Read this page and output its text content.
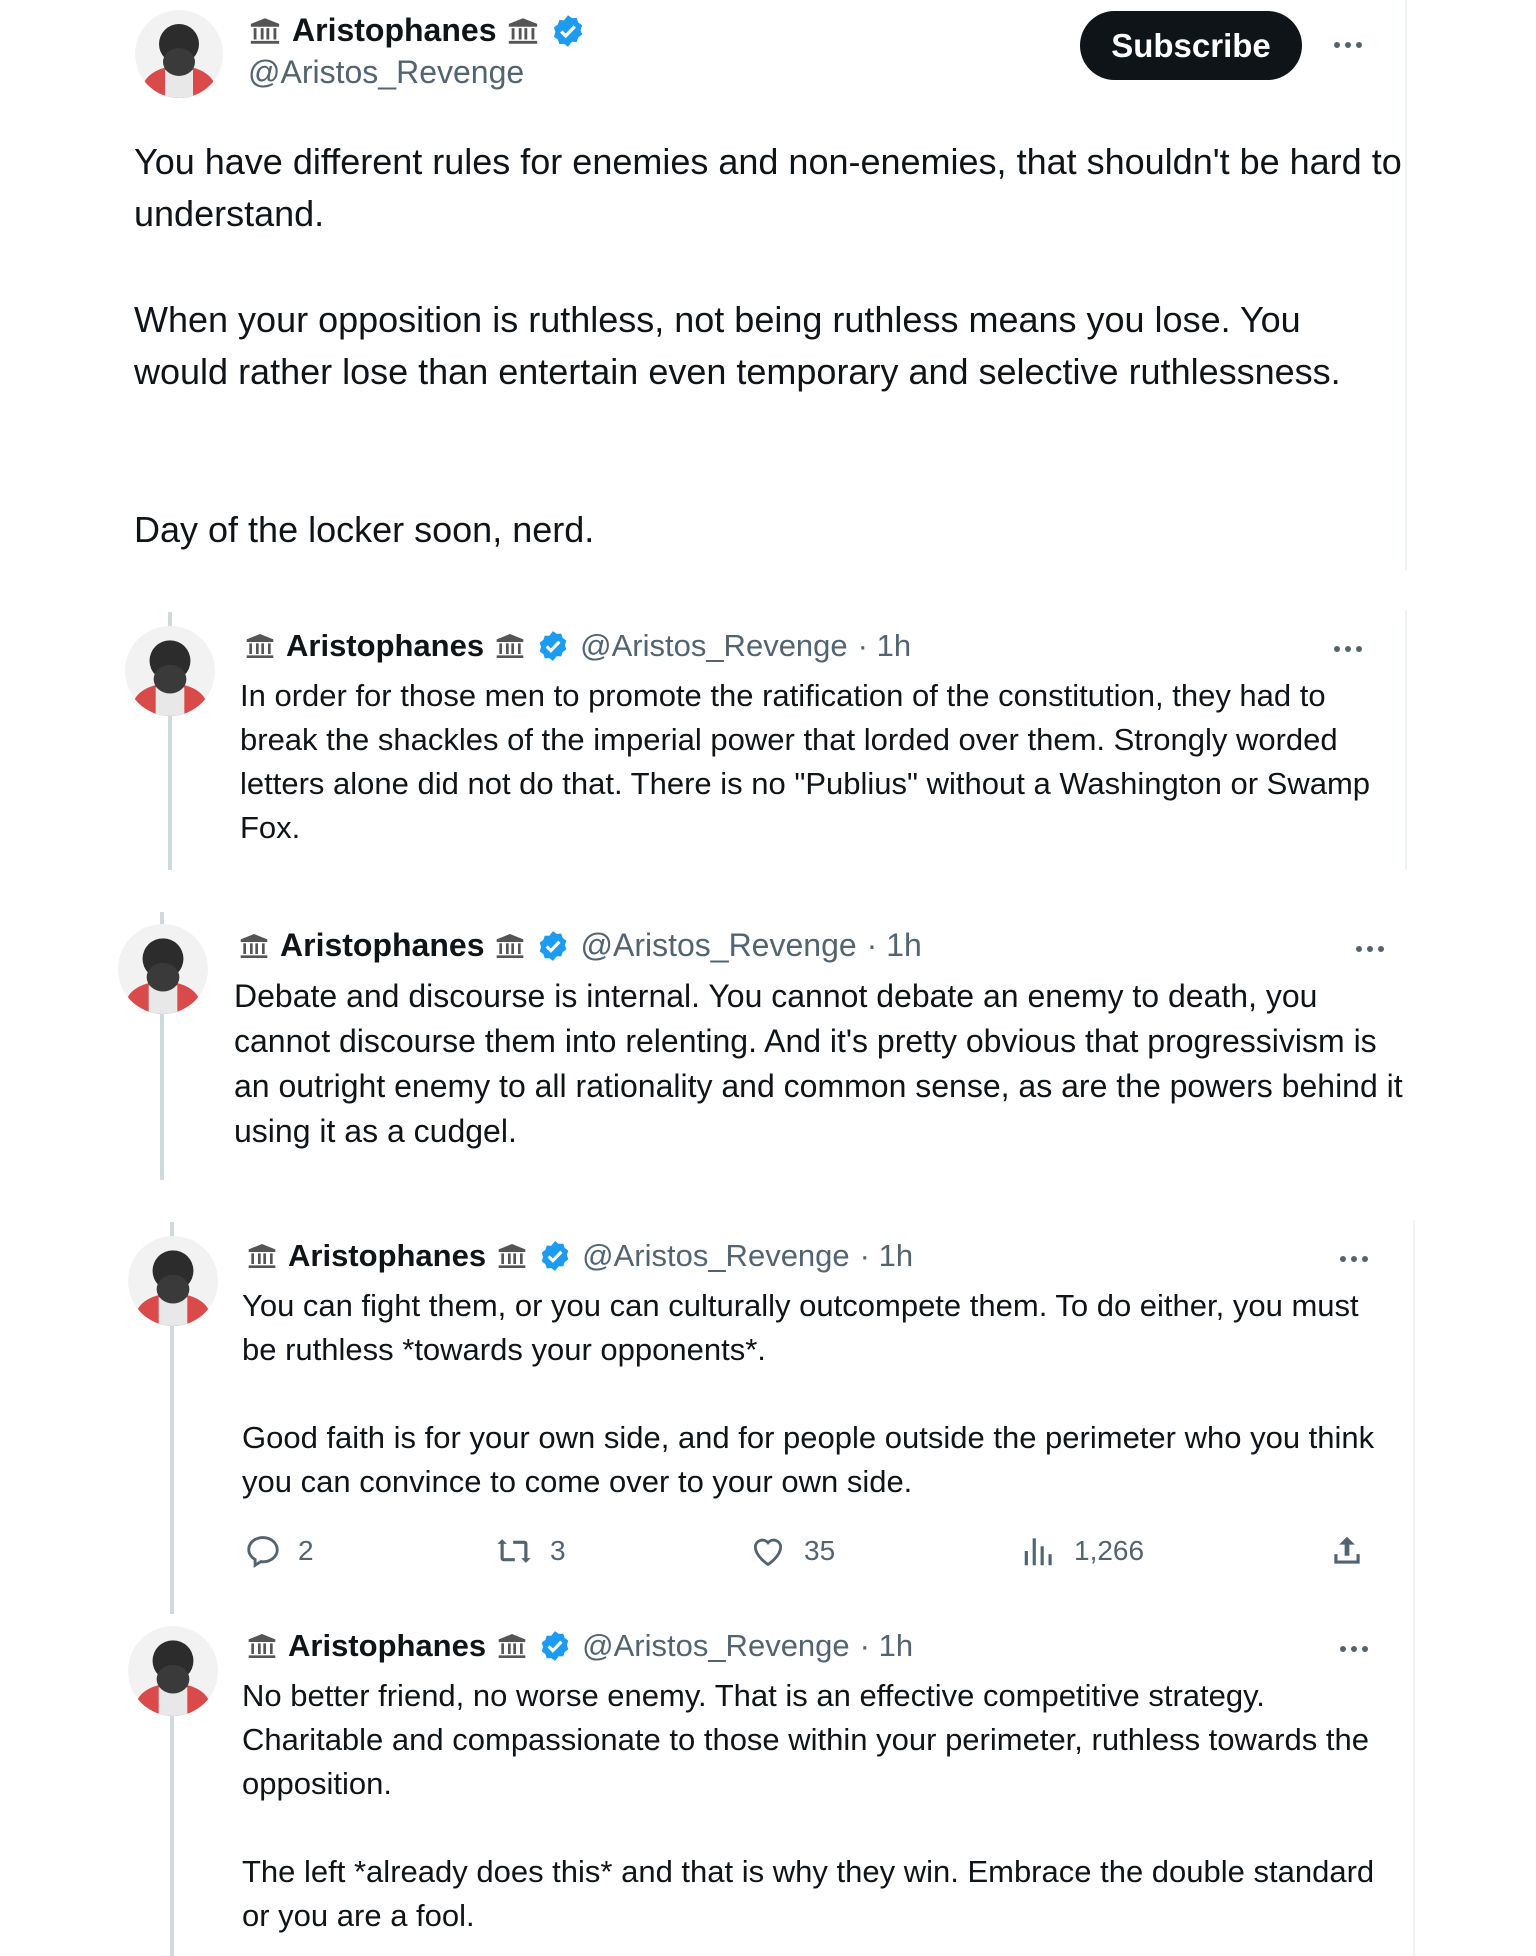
Aristophanes
@Aristos_Revenge
Subscribe
You have different rules for enemies and non-enemies, that shouldn't be hard to understand.
When your opposition is ruthless, not being ruthless means you lose. You would rather lose than entertain even temporary and selective ruthlessness.
Day of the locker soon, nerd.
Aristophanes	@Aristos_Revenge · 1h
In order for those men to promote the ratification of the constitution, they had to break the shackles of the imperial power that lorded over them. Strongly worded letters alone did not do that. There is no "Publius" without a Washington or Swamp Fox.
Aristophanes	@Aristos_Revenge · 1h
Debate and discourse is internal. You cannot debate an enemy to death, you cannot discourse them into relenting. And it's pretty obvious that progressivism is an outright enemy to all rationality and common sense, as are the powers behind it using it as a cudgel.
Aristophanes	@Aristos_Revenge · 1h
You can fight them, or you can culturally outcompete them. To do either, you must be ruthless *towards your opponents*.
Good faith is for your own side, and for people outside the perimeter who you think you can convince to come over to your own side.
2	3	35	1,266
Aristophanes	@Aristos_Revenge · 1h
No better friend, no worse enemy. That is an effective competitive strategy. Charitable and compassionate to those within your perimeter, ruthless towards the opposition.
The left *already does this* and that is why they win. Embrace the double standard or you are a fool.
